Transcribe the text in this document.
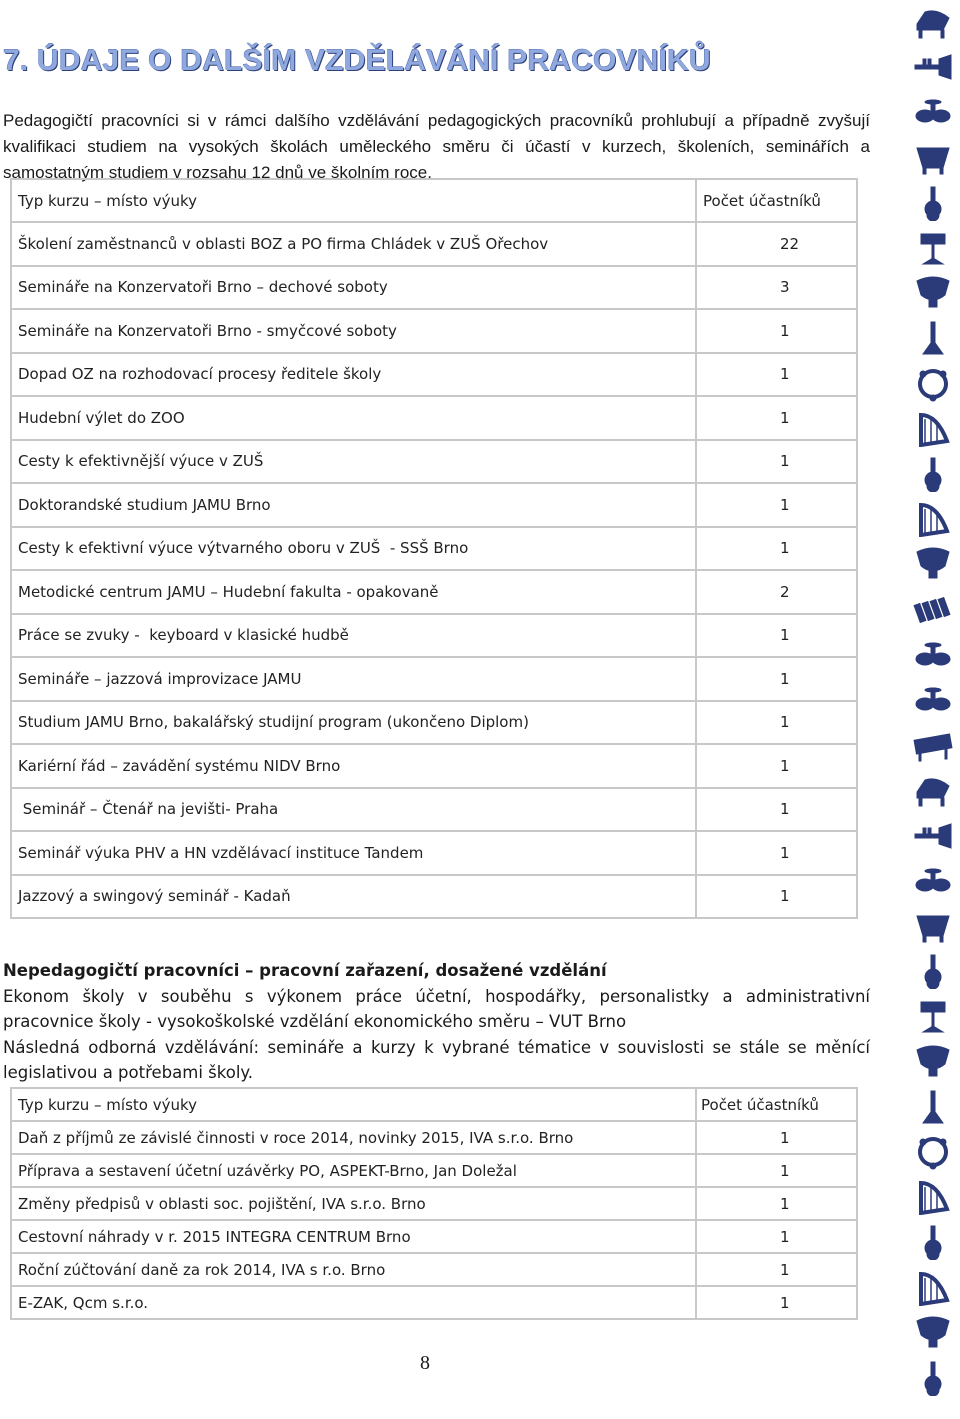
7. ÚDAJE O DALŠÍM VZDĚLÁVÁNÍ PRACOVNÍKŮ

Pedagogičtí pracovníci si v rámci dalšího vzdělávání pedagogických pracovníků prohlubují a případně zvyšují kvalifikaci studiem na vysokých školách uměleckého směru či účastí v kurzech, školeních, seminářích a samostatným studiem v rozsahu 12 dnů ve školním roce.

Typ kurzu – místo výuky	Počet účastníků
Školení zaměstnanců v oblasti BOZ a PO firma Chládek v ZUŠ Ořechov	22
Semináře na Konzervatoři Brno – dechové soboty	3
Semináře na Konzervatoři Brno - smyčcové soboty	1
Dopad OZ na rozhodovací procesy ředitele školy	1
Hudební výlet do ZOO	1
Cesty k efektivnější výuce v ZUŠ	1
Doktorandské studium JAMU Brno	1
Cesty k efektivní výuce výtvarného oboru v ZUŠ  - SSŠ Brno	1
Metodické centrum JAMU – Hudební fakulta - opakovaně	2
Práce se zvuky -  keyboard v klasické hudbě	1
Semináře – jazzová improvizace JAMU	1
Studium JAMU Brno, bakalářský studijní program (ukončeno Diplom)	1
Kariérní řád – zavádění systému NIDV Brno	1
Seminář – Čtenář na jevišti- Praha	1
Seminář výuka PHV a HN vzdělávací instituce Tandem	1
Jazzový a swingový seminář - Kadaň	1

Nepedagogičtí pracovníci – pracovní zařazení, dosažené vzdělání

Ekonom školy v souběhu s výkonem práce účetní, hospodářky, personalistky a administrativní pracovnice školy - vysokoškolské vzdělání ekonomického směru – VUT Brno

Následná odborná vzdělávání: semináře a kurzy k vybrané tématice v souvislosti se stále se měnící legislativou a potřebami školy.

Typ kurzu – místo výuky	Počet účastníků
Daň z příjmů ze závislé činnosti v roce 2014, novinky 2015, IVA s.r.o. Brno	1
Příprava a sestavení účetní uzávěrky PO, ASPEKT-Brno, Jan Doležal	1
Změny předpisů v oblasti soc. pojištění, IVA s.r.o. Brno	1
Cestovní náhrady v r. 2015 INTEGRA CENTRUM Brno	1
Roční zúčtování daně za rok 2014, IVA s r.o. Brno	1
E-ZAK, Qcm s.r.o.	1
8
